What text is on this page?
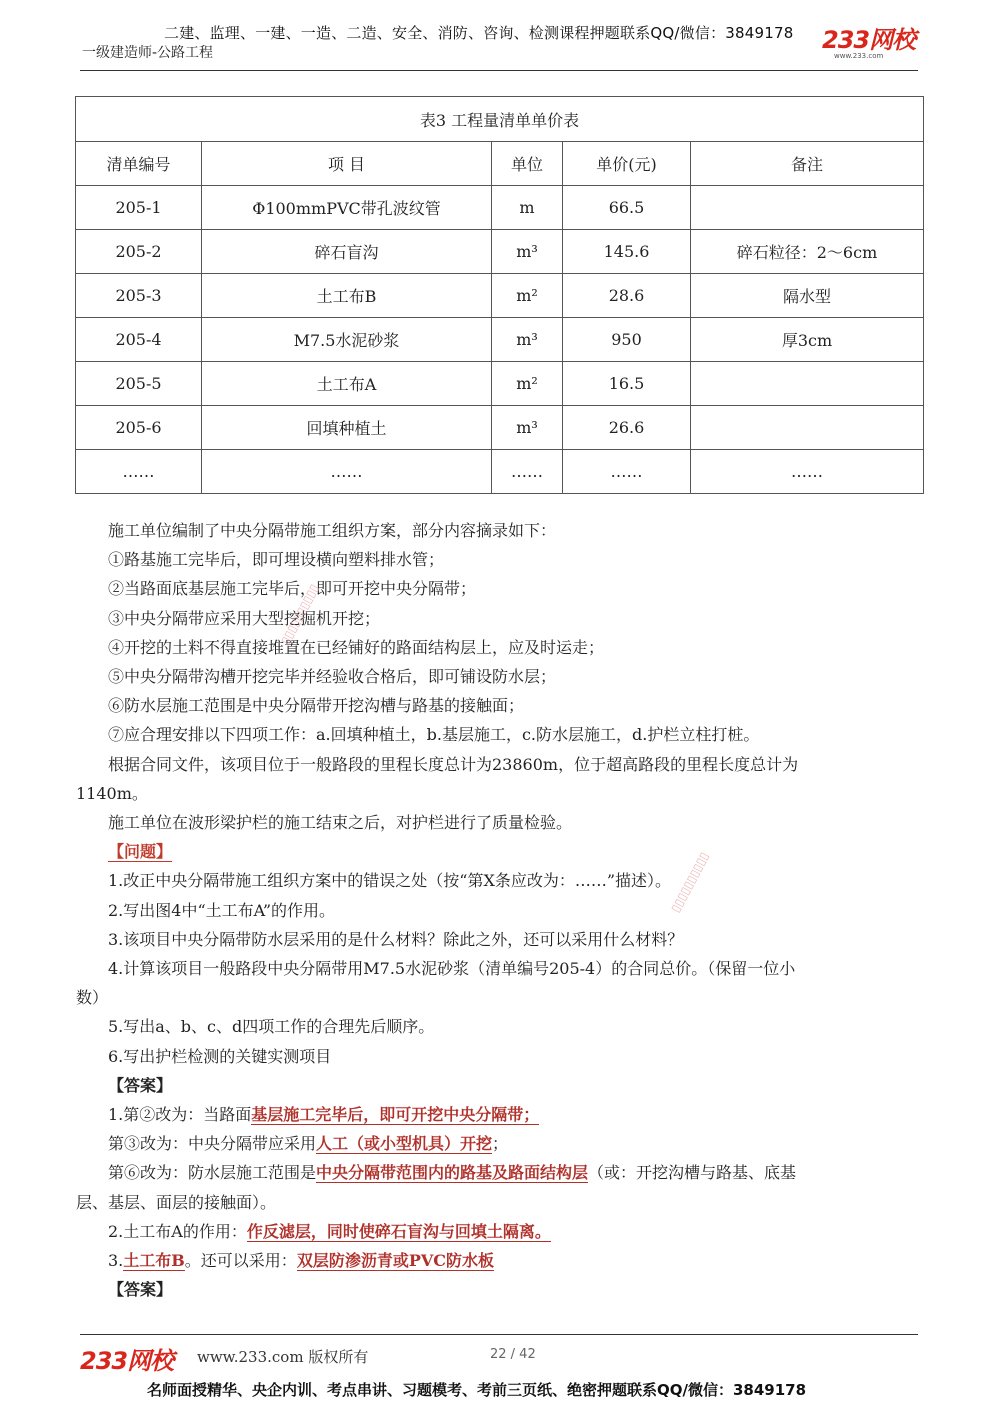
二建、监理、一建、一造、二造、安全、消防、咨询、检测课程押题联系QQ/微信：3849178
一级建造师-公路工程	233网校
www.233.com
表3 工程量清单单价表				
清单编号	项 目	单位	单价(元)	备注
205-1	Φ100mmPVC带孔波纹管	m	66.5	
205-2	碎石盲沟	m³	145.6	碎石粒径：2～6cm
205-3	土工布B	m²	28.6	隔水型
205-4	M7.5水泥砂浆	m³	950	厚3cm
205-5	土工布A	m²	16.5	
205-6	回填种植土	m³	26.6	
……	……	……	……	……

施工单位编制了中央分隔带施工组织方案，部分内容摘录如下：

①路基施工完毕后，即可埋设横向塑料排水管；

②当路面底基层施工完毕后，即可开挖中央分隔带；

③中央分隔带应采用大型挖掘机开挖；

④开挖的土料不得直接堆置在已经铺好的路面结构层上，应及时运走；

⑤中央分隔带沟槽开挖完毕并经验收合格后，即可铺设防水层；

⑥防水层施工范围是中央分隔带开挖沟槽与路基的接触面；

⑦应合理安排以下四项工作：a.回填种植土，b.基层施工，c.防水层施工，d.护栏立柱打桩。

根据合同文件，该项目位于一般路段的里程长度总计为23860m，位于超高路段的里程长度总计为

1140m。

施工单位在波形梁护栏的施工结束之后，对护栏进行了质量检验。

【问题】

1.改正中央分隔带施工组织方案中的错误之处（按“第X条应改为：……”描述）。

2.写出图4中“土工布A”的作用。

3.该项目中央分隔带防水层采用的是什么材料？除此之外，还可以采用什么材料？

4.计算该项目一般路段中央分隔带用M7.5水泥砂浆（清单编号205-4）的合同总价。（保留一位小

数）

5.写出a、b、c、d四项工作的合理先后顺序。

6.写出护栏检测的关键实测项目

【答案】

1.第②改为：当路面基层施工完毕后，即可开挖中央分隔带；

第③改为：中央分隔带应采用人工（或小型机具）开挖；

第⑥改为：防水层施工范围是中央分隔带范围内的路基及路面结构层（或：开挖沟槽与路基、底基

层、基层、面层的接触面）。

2.土工布A的作用：作反滤层，同时使碎石盲沟与回填土隔离。

3.土工布B。还可以采用：双层防渗沥青或PVC防水板

【答案】

▯▯▯▯▯▯▯▯▯▯
▯▯▯▯▯▯▯▯▯▯
233网校 www.233.com 版权所有	22 / 42
名师面授精华、央企内训、考点串讲、习题模考、考前三页纸、绝密押题联系QQ/微信：3849178
